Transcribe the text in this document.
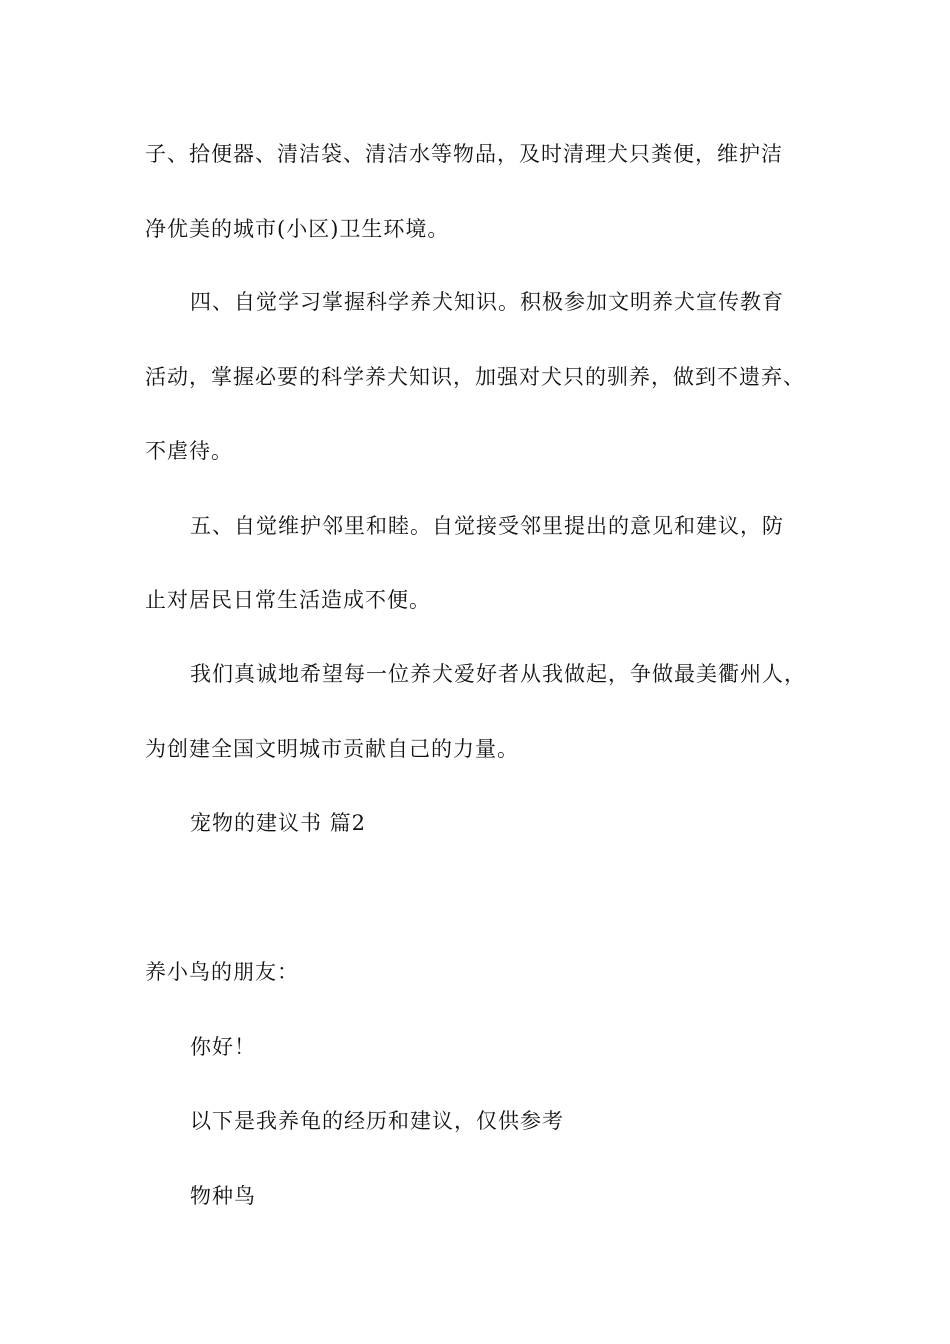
子、拾便器、清洁袋、清洁水等物品，及时清理犬只粪便，维护洁
净优美的城市(小区)卫生环境。
四、自觉学习掌握科学养犬知识。积极参加文明养犬宣传教育
活动，掌握必要的科学养犬知识，加强对犬只的驯养，做到不遗弃、
不虐待。
五、自觉维护邻里和睦。自觉接受邻里提出的意见和建议，防
止对居民日常生活造成不便。
我们真诚地希望每一位养犬爱好者从我做起，争做最美衢州人，
为创建全国文明城市贡献自己的力量。
宠物的建议书 篇2
养小鸟的朋友：
你好！
以下是我养龟的经历和建议，仅供参考
物种鸟
